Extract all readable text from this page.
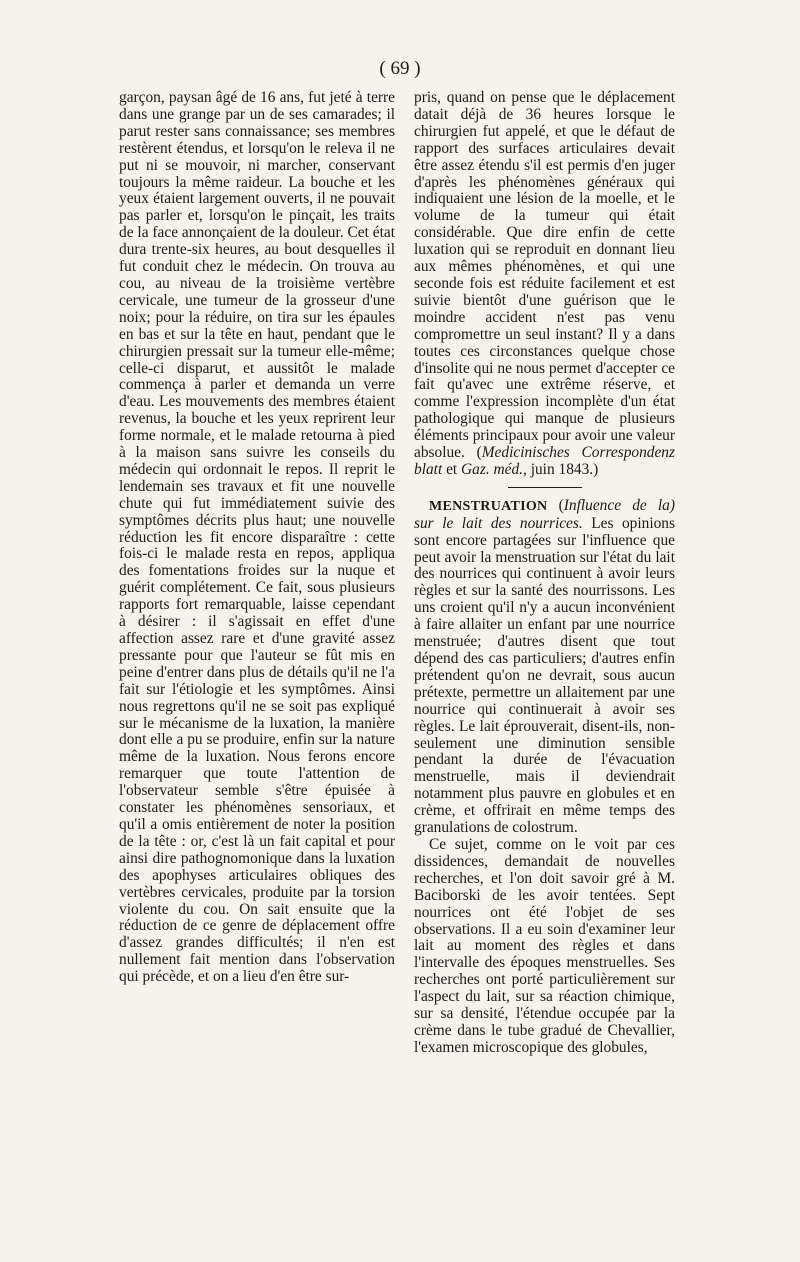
( 69 )

garçon, paysan âgé de 16 ans, fut jeté à terre dans une grange par un de ses camarades; il parut rester sans connaissance; ses membres restèrent étendus, et lorsqu'on le releva il ne put ni se mouvoir, ni marcher, conservant toujours la même raideur. La bouche et les yeux étaient largement ouverts, il ne pouvait pas parler et, lorsqu'on le pinçait, les traits de la face annonçaient de la douleur. Cet état dura trente-six heures, au bout desquelles il fut conduit chez le médecin. On trouva au cou, au niveau de la troisième vertèbre cervicale, une tumeur de la grosseur d'une noix; pour la réduire, on tira sur les épaules en bas et sur la tête en haut, pendant que le chirurgien pressait sur la tumeur elle-même; celle-ci disparut, et aussitôt le malade commença à parler et demanda un verre d'eau. Les mouvements des membres étaient revenus, la bouche et les yeux reprirent leur forme normale, et le malade retourna à pied à la maison sans suivre les conseils du médecin qui ordonnait le repos. Il reprit le lendemain ses travaux et fit une nouvelle chute qui fut immédiatement suivie des symptômes décrits plus haut; une nouvelle réduction les fit encore disparaître : cette fois-ci le malade resta en repos, appliqua des fomentations froides sur la nuque et guérit complétement. Ce fait, sous plusieurs rapports fort remarquable, laisse cependant à désirer : il s'agissait en effet d'une affection assez rare et d'une gravité assez pressante pour que l'auteur se fût mis en peine d'entrer dans plus de détails qu'il ne l'a fait sur l'étiologie et les symptômes. Ainsi nous regrettons qu'il ne se soit pas expliqué sur le mécanisme de la luxation, la manière dont elle a pu se produire, enfin sur la nature même de la luxation. Nous ferons encore remarquer que toute l'attention de l'observateur semble s'être épuisée à constater les phénomènes sensoriaux, et qu'il a omis entièrement de noter la position de la tête : or, c'est là un fait capital et pour ainsi dire pathognomonique dans la luxation des apophyses articulaires obliques des vertèbres cervicales, produite par la torsion violente du cou. On sait ensuite que la réduction de ce genre de déplacement offre d'assez grandes difficultés; il n'en est nullement fait mention dans l'observation qui précède, et on a lieu d'en être sur-

pris, quand on pense que le déplacement datait déjà de 36 heures lorsque le chirurgien fut appelé, et que le défaut de rapport des surfaces articulaires devait être assez étendu s'il est permis d'en juger d'après les phénomènes généraux qui indiquaient une lésion de la moelle, et le volume de la tumeur qui était considérable. Que dire enfin de cette luxation qui se reproduit en donnant lieu aux mêmes phénomènes, et qui une seconde fois est réduite facilement et est suivie bientôt d'une guérison que le moindre accident n'est pas venu compromettre un seul instant? Il y a dans toutes ces circonstances quelque chose d'insolite qui ne nous permet d'accepter ce fait qu'avec une extrême réserve, et comme l'expression incomplète d'un état pathologique qui manque de plusieurs éléments principaux pour avoir une valeur absolue. (Medicinisches Correspondenz blatt et Gaz. méd., juin 1843.)

MENSTRUATION (Influence de la) sur le lait des nourrices. Les opinions sont encore partagées sur l'influence que peut avoir la menstruation sur l'état du lait des nourrices qui continuent à avoir leurs règles et sur la santé des nourrissons. Les uns croient qu'il n'y a aucun inconvénient à faire allaiter un enfant par une nourrice menstruée; d'autres disent que tout dépend des cas particuliers; d'autres enfin prétendent qu'on ne devrait, sous aucun prétexte, permettre un allaitement par une nourrice qui continuerait à avoir ses règles. Le lait éprouverait, disent-ils, non-seulement une diminution sensible pendant la durée de l'évacuation menstruelle, mais il deviendrait notamment plus pauvre en globules et en crème, et offrirait en même temps des granulations de colostrum.

Ce sujet, comme on le voit par ces dissidences, demandait de nouvelles recherches, et l'on doit savoir gré à M. Baciborski de les avoir tentées. Sept nourrices ont été l'objet de ses observations. Il a eu soin d'examiner leur lait au moment des règles et dans l'intervalle des époques menstruelles. Ses recherches ont porté particulièrement sur l'aspect du lait, sur sa réaction chimique, sur sa densité, l'étendue occupée par la crème dans le tube gradué de Chevallier, l'examen microscopique des globules,
